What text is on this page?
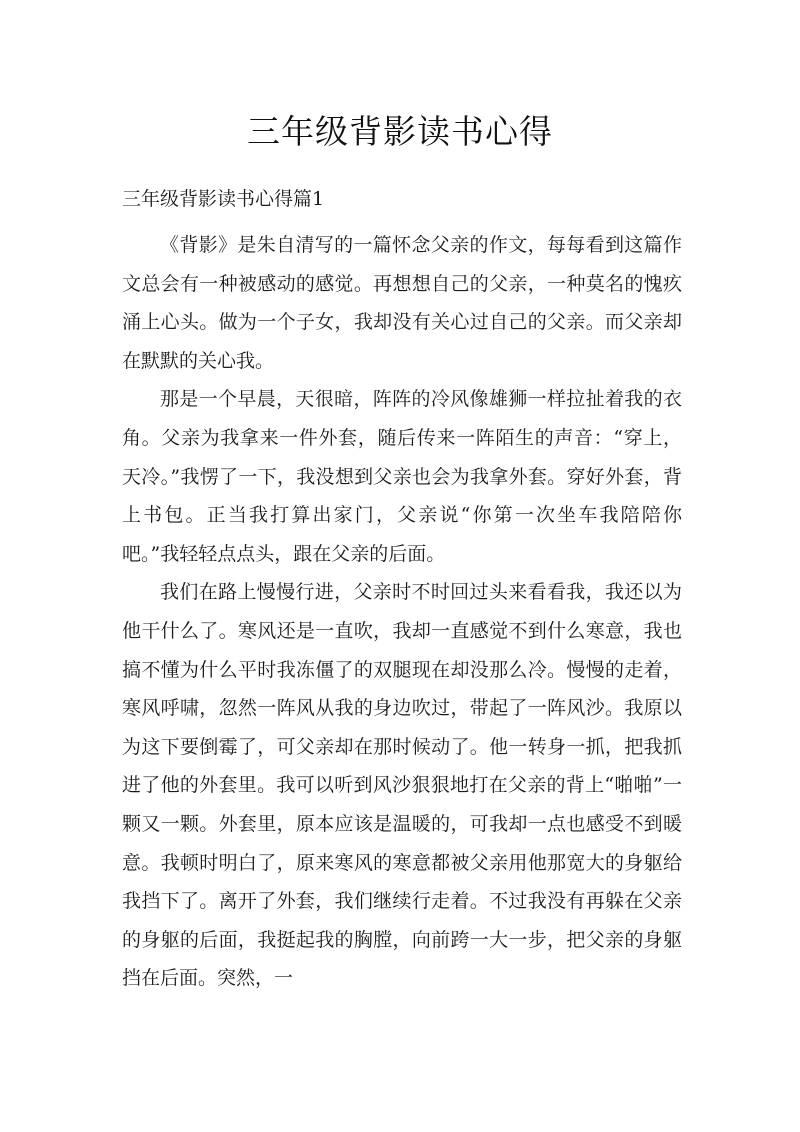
三年级背影读书心得
三年级背影读书心得篇1

《背影》是朱自清写的一篇怀念父亲的作文，每每看到这篇作文总会有一种被感动的感觉。再想想自己的父亲，一种莫名的愧疚涌上心头。做为一个子女，我却没有关心过自己的父亲。而父亲却在默默的关心我。

那是一个早晨，天很暗，阵阵的冷风像雄狮一样拉扯着我的衣角。父亲为我拿来一件外套，随后传来一阵陌生的声音：“穿上，天冷。”我愣了一下，我没想到父亲也会为我拿外套。穿好外套，背上书包。正当我打算出家门，父亲说“你第一次坐车我陪陪你吧。”我轻轻点点头，跟在父亲的后面。

我们在路上慢慢行进，父亲时不时回过头来看看我，我还以为他干什么了。寒风还是一直吹，我却一直感觉不到什么寒意，我也搞不懂为什么平时我冻僵了的双腿现在却没那么冷。慢慢的走着，寒风呼啸，忽然一阵风从我的身边吹过，带起了一阵风沙。我原以为这下要倒霉了，可父亲却在那时候动了。他一转身一抓，把我抓进了他的外套里。我可以听到风沙狠狠地打在父亲的背上“啪啪”一颗又一颗。外套里，原本应该是温暖的，可我却一点也感受不到暖意。我顿时明白了，原来寒风的寒意都被父亲用他那宽大的身躯给我挡下了。离开了外套，我们继续行走着。不过我没有再躲在父亲的身躯的后面，我挺起我的胸膛，向前跨一大一步，把父亲的身躯挡在后面。突然，一
